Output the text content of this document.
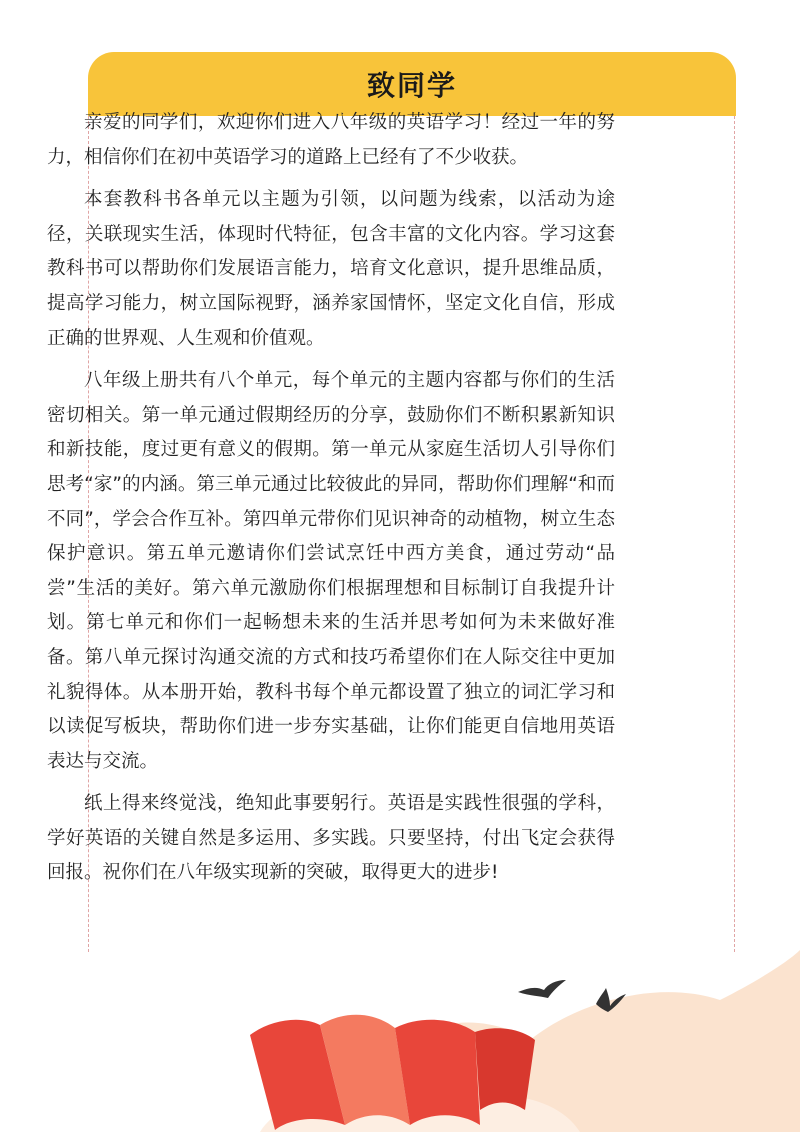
致同学

亲爱的同学们，欢迎你们进入八年级的英语学习！经过一年的努力，相信你们在初中英语学习的道路上已经有了不少收获。

本套教科书各单元以主题为引领，以问题为线索，以活动为途径，关联现实生活，体现时代特征，包含丰富的文化内容。学习这套教科书可以帮助你们发展语言能力，培育文化意识，提升思维品质，提高学习能力，树立国际视野，涵养家国情怀，坚定文化自信，形成正确的世界观、人生观和价值观。

八年级上册共有八个单元，每个单元的主题内容都与你们的生活密切相关。第一单元通过假期经历的分享，鼓励你们不断积累新知识和新技能，度过更有意义的假期。第一单元从家庭生活切人引导你们思考“家”的内涵。第三单元通过比较彼此的异同，帮助你们理解“和而不同”，学会合作互补。第四单元带你们见识神奇的动植物，树立生态保护意识。第五单元邀请你们尝试烹饪中西方美食，通过劳动“品尝”生活的美好。第六单元激励你们根据理想和目标制订自我提升计划。第七单元和你们一起畅想未来的生活并思考如何为未来做好准备。第八单元探讨沟通交流的方式和技巧希望你们在人际交往中更加礼貌得体。从本册开始，教科书每个单元都设置了独立的词汇学习和以读促写板块，帮助你们进一步夯实基础，让你们能更自信地用英语表达与交流。

纸上得来终觉浅，绝知此事要躬行。英语是实践性很强的学科，学好英语的关键自然是多运用、多实践。只要坚持，付出飞定会获得回报。祝你们在八年级实现新的突破，取得更大的进步!
